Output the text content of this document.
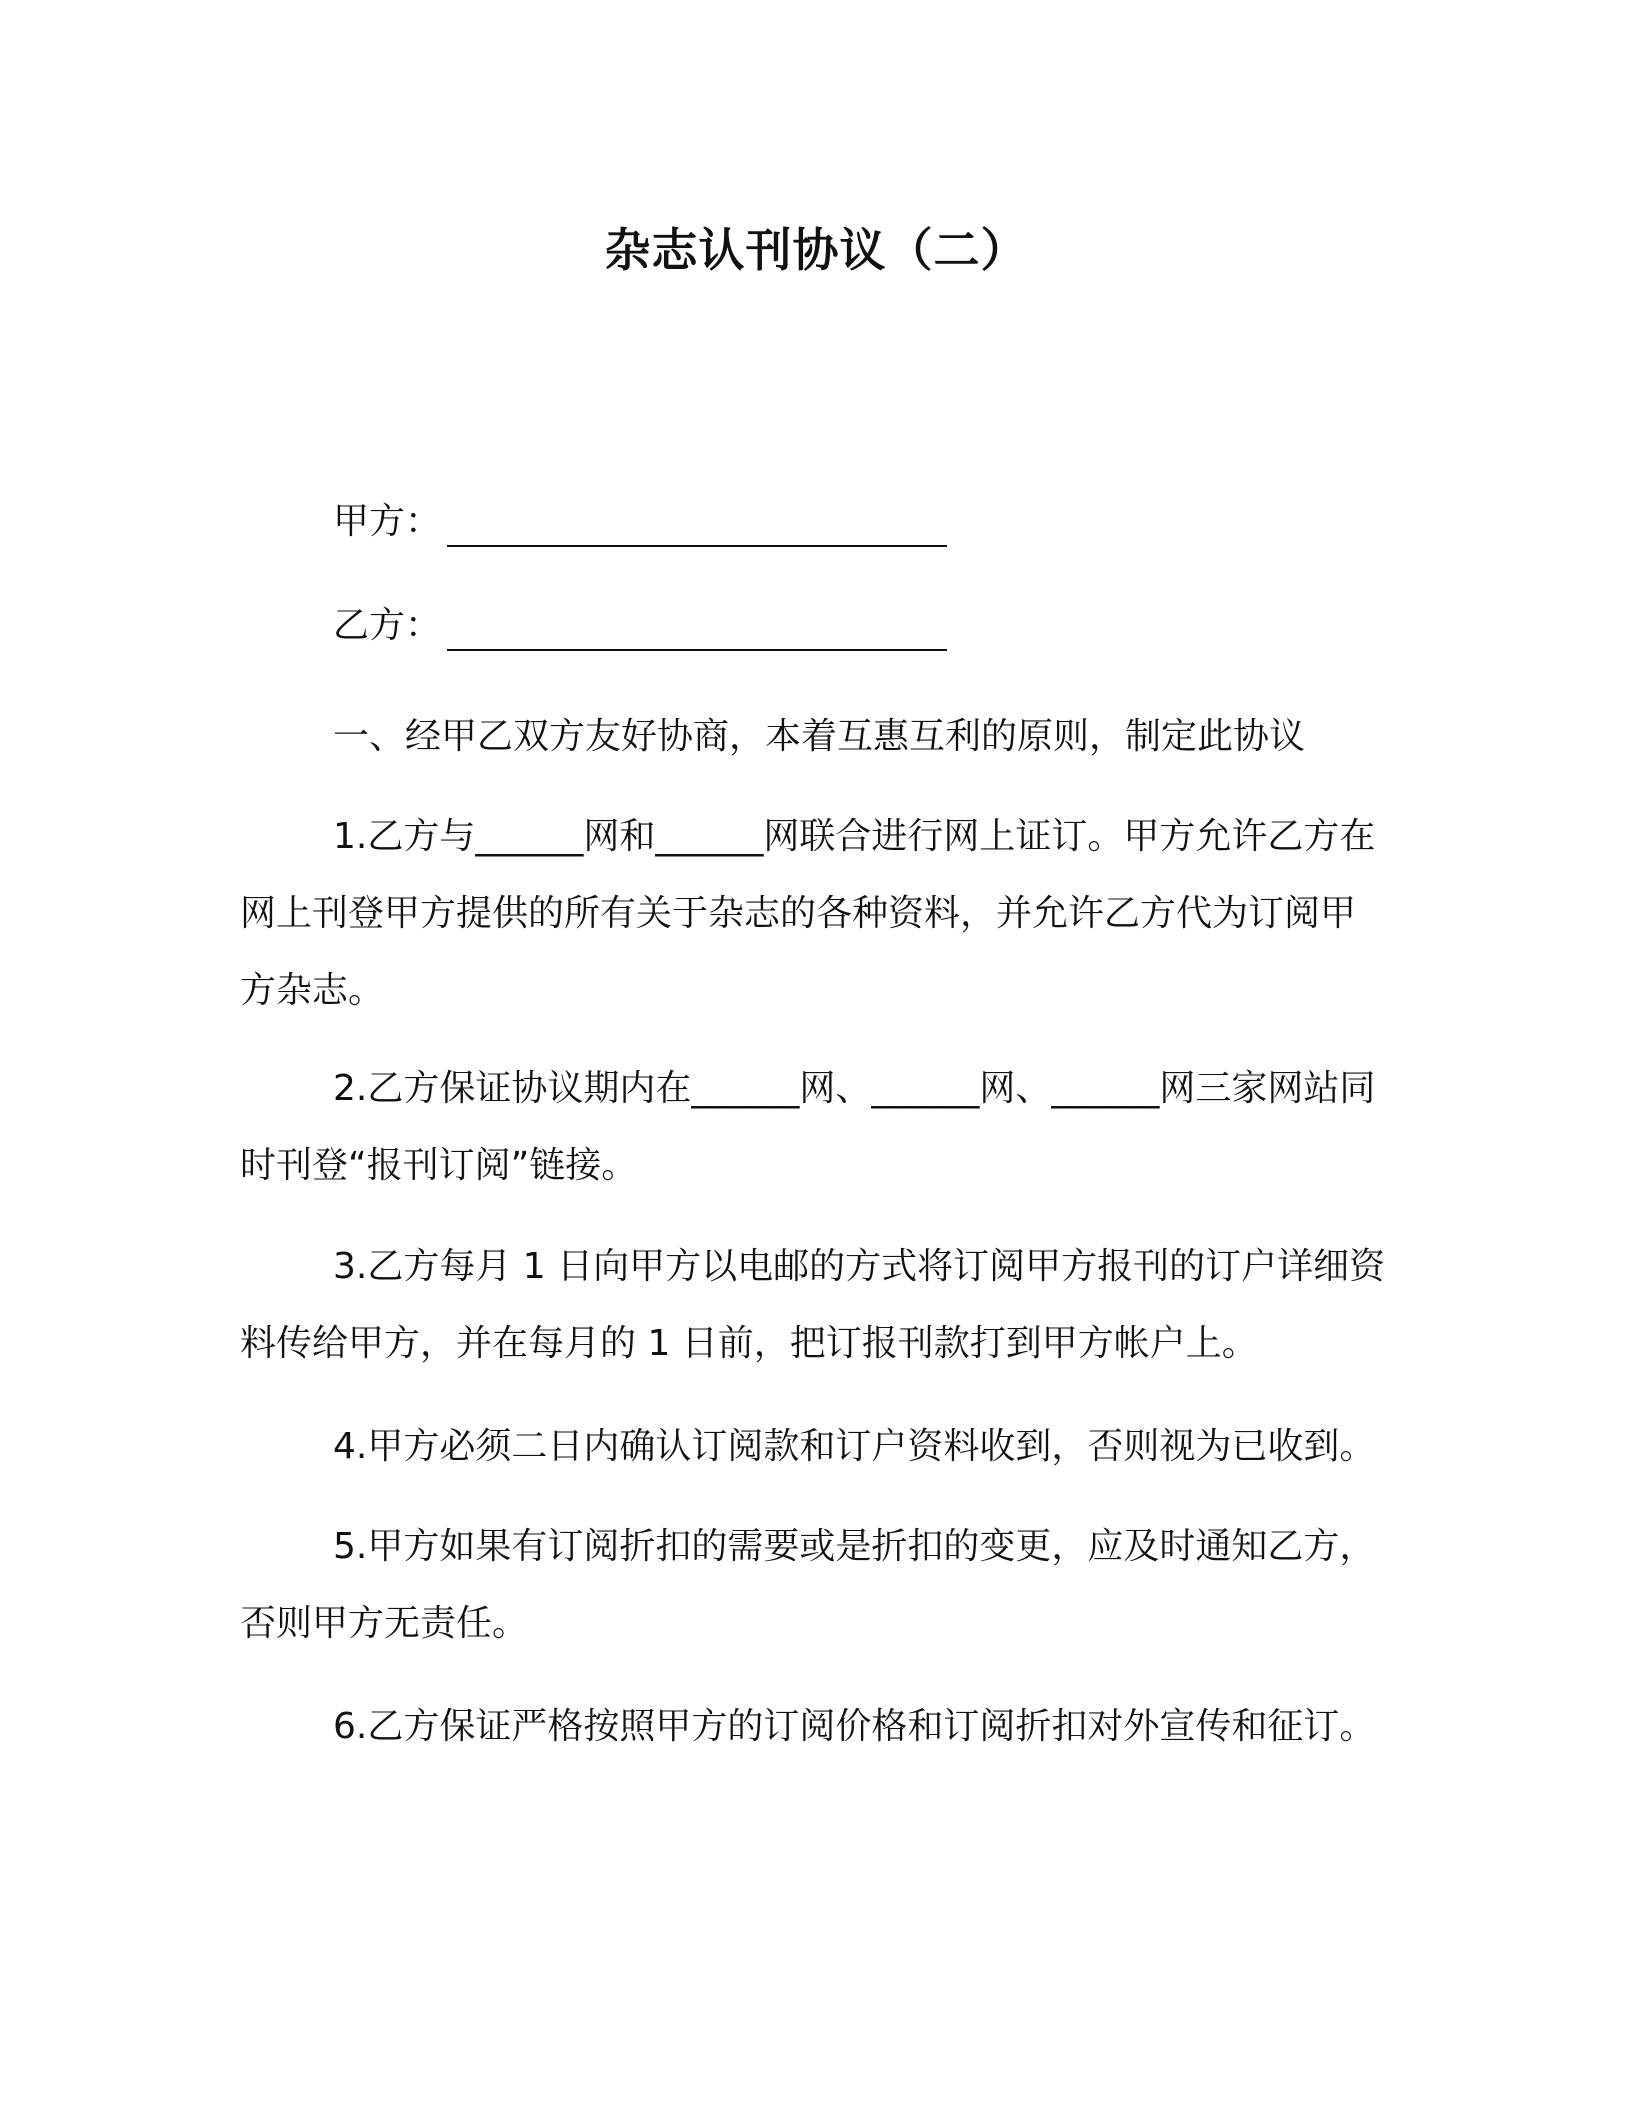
杂志认刊协议（二）
甲方：
乙方：

一、经甲乙双方友好协商，本着互惠互利的原则，制定此协议

1.乙方与______网和______网联合进行网上证订。甲方允许乙方在网上刊登甲方提供的所有关于杂志的各种资料，并允许乙方代为订阅甲方杂志。

2.乙方保证协议期内在______网、______网、______网三家网站同时刊登“报刊订阅”链接。

3.乙方每月 1 日向甲方以电邮的方式将订阅甲方报刊的订户详细资料传给甲方，并在每月的 1 日前，把订报刊款打到甲方帐户上。

4.甲方必须二日内确认订阅款和订户资料收到，否则视为已收到。

5.甲方如果有订阅折扣的需要或是折扣的变更，应及时通知乙方，否则甲方无责任。

6.乙方保证严格按照甲方的订阅价格和订阅折扣对外宣传和征订。
